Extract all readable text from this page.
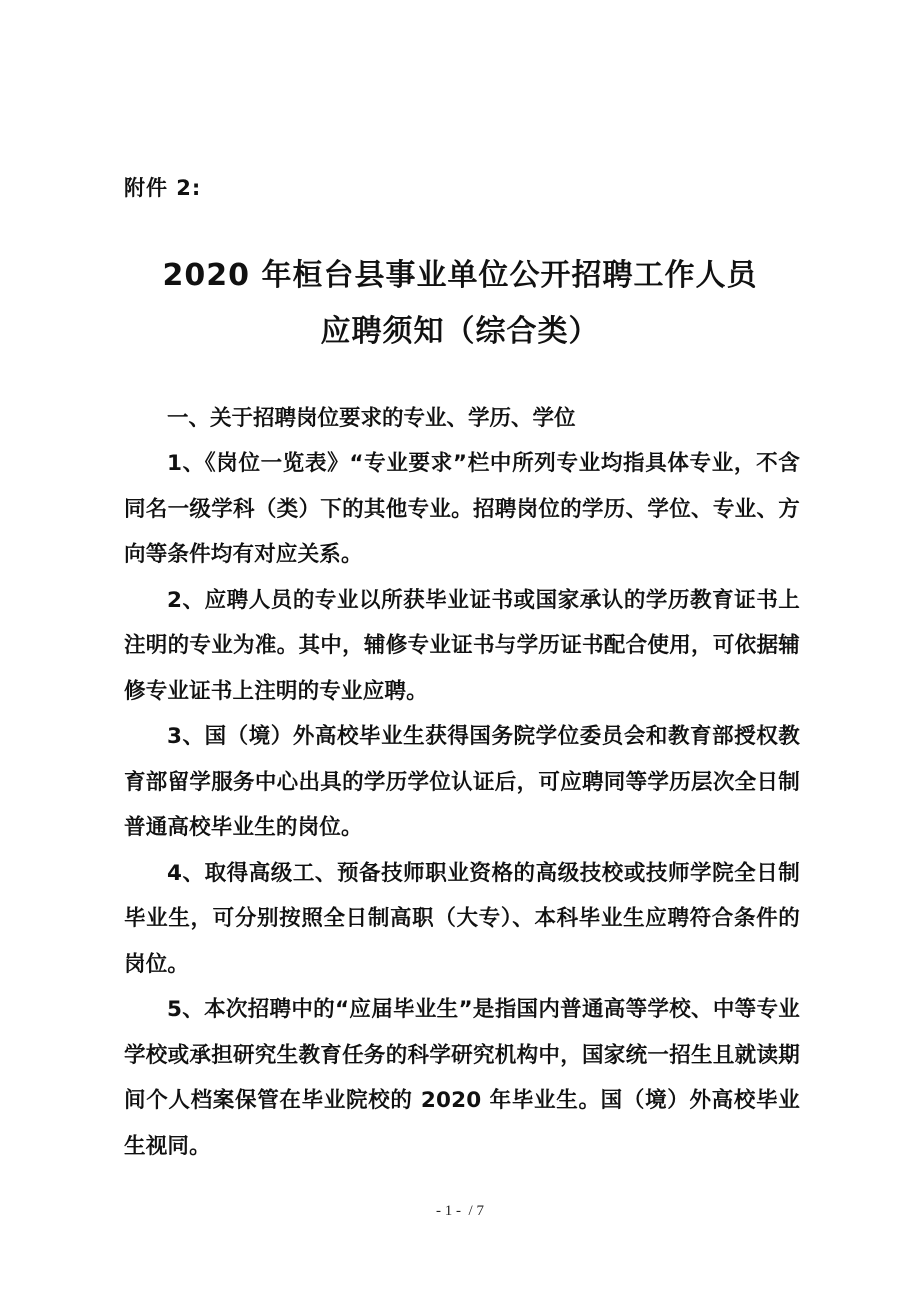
附件 2:
2020 年桓台县事业单位公开招聘工作人员
应聘须知（综合类）

一、关于招聘岗位要求的专业、学历、学位

1、《岗位一览表》“专业要求”栏中所列专业均指具体专业，不含同名一级学科（类）下的其他专业。招聘岗位的学历、学位、专业、方向等条件均有对应关系。

2、应聘人员的专业以所获毕业证书或国家承认的学历教育证书上注明的专业为准。其中，辅修专业证书与学历证书配合使用，可依据辅修专业证书上注明的专业应聘。

3、国（境）外高校毕业生获得国务院学位委员会和教育部授权教育部留学服务中心出具的学历学位认证后，可应聘同等学历层次全日制普通高校毕业生的岗位。

4、取得高级工、预备技师职业资格的高级技校或技师学院全日制毕业生，可分别按照全日制高职（大专）、本科毕业生应聘符合条件的岗位。

5、本次招聘中的“应届毕业生”是指国内普通高等学校、中等专业学校或承担研究生教育任务的科学研究机构中，国家统一招生且就读期间个人档案保管在毕业院校的 2020 年毕业生。国（境）外高校毕业生视同。

- 1 -  / 7
